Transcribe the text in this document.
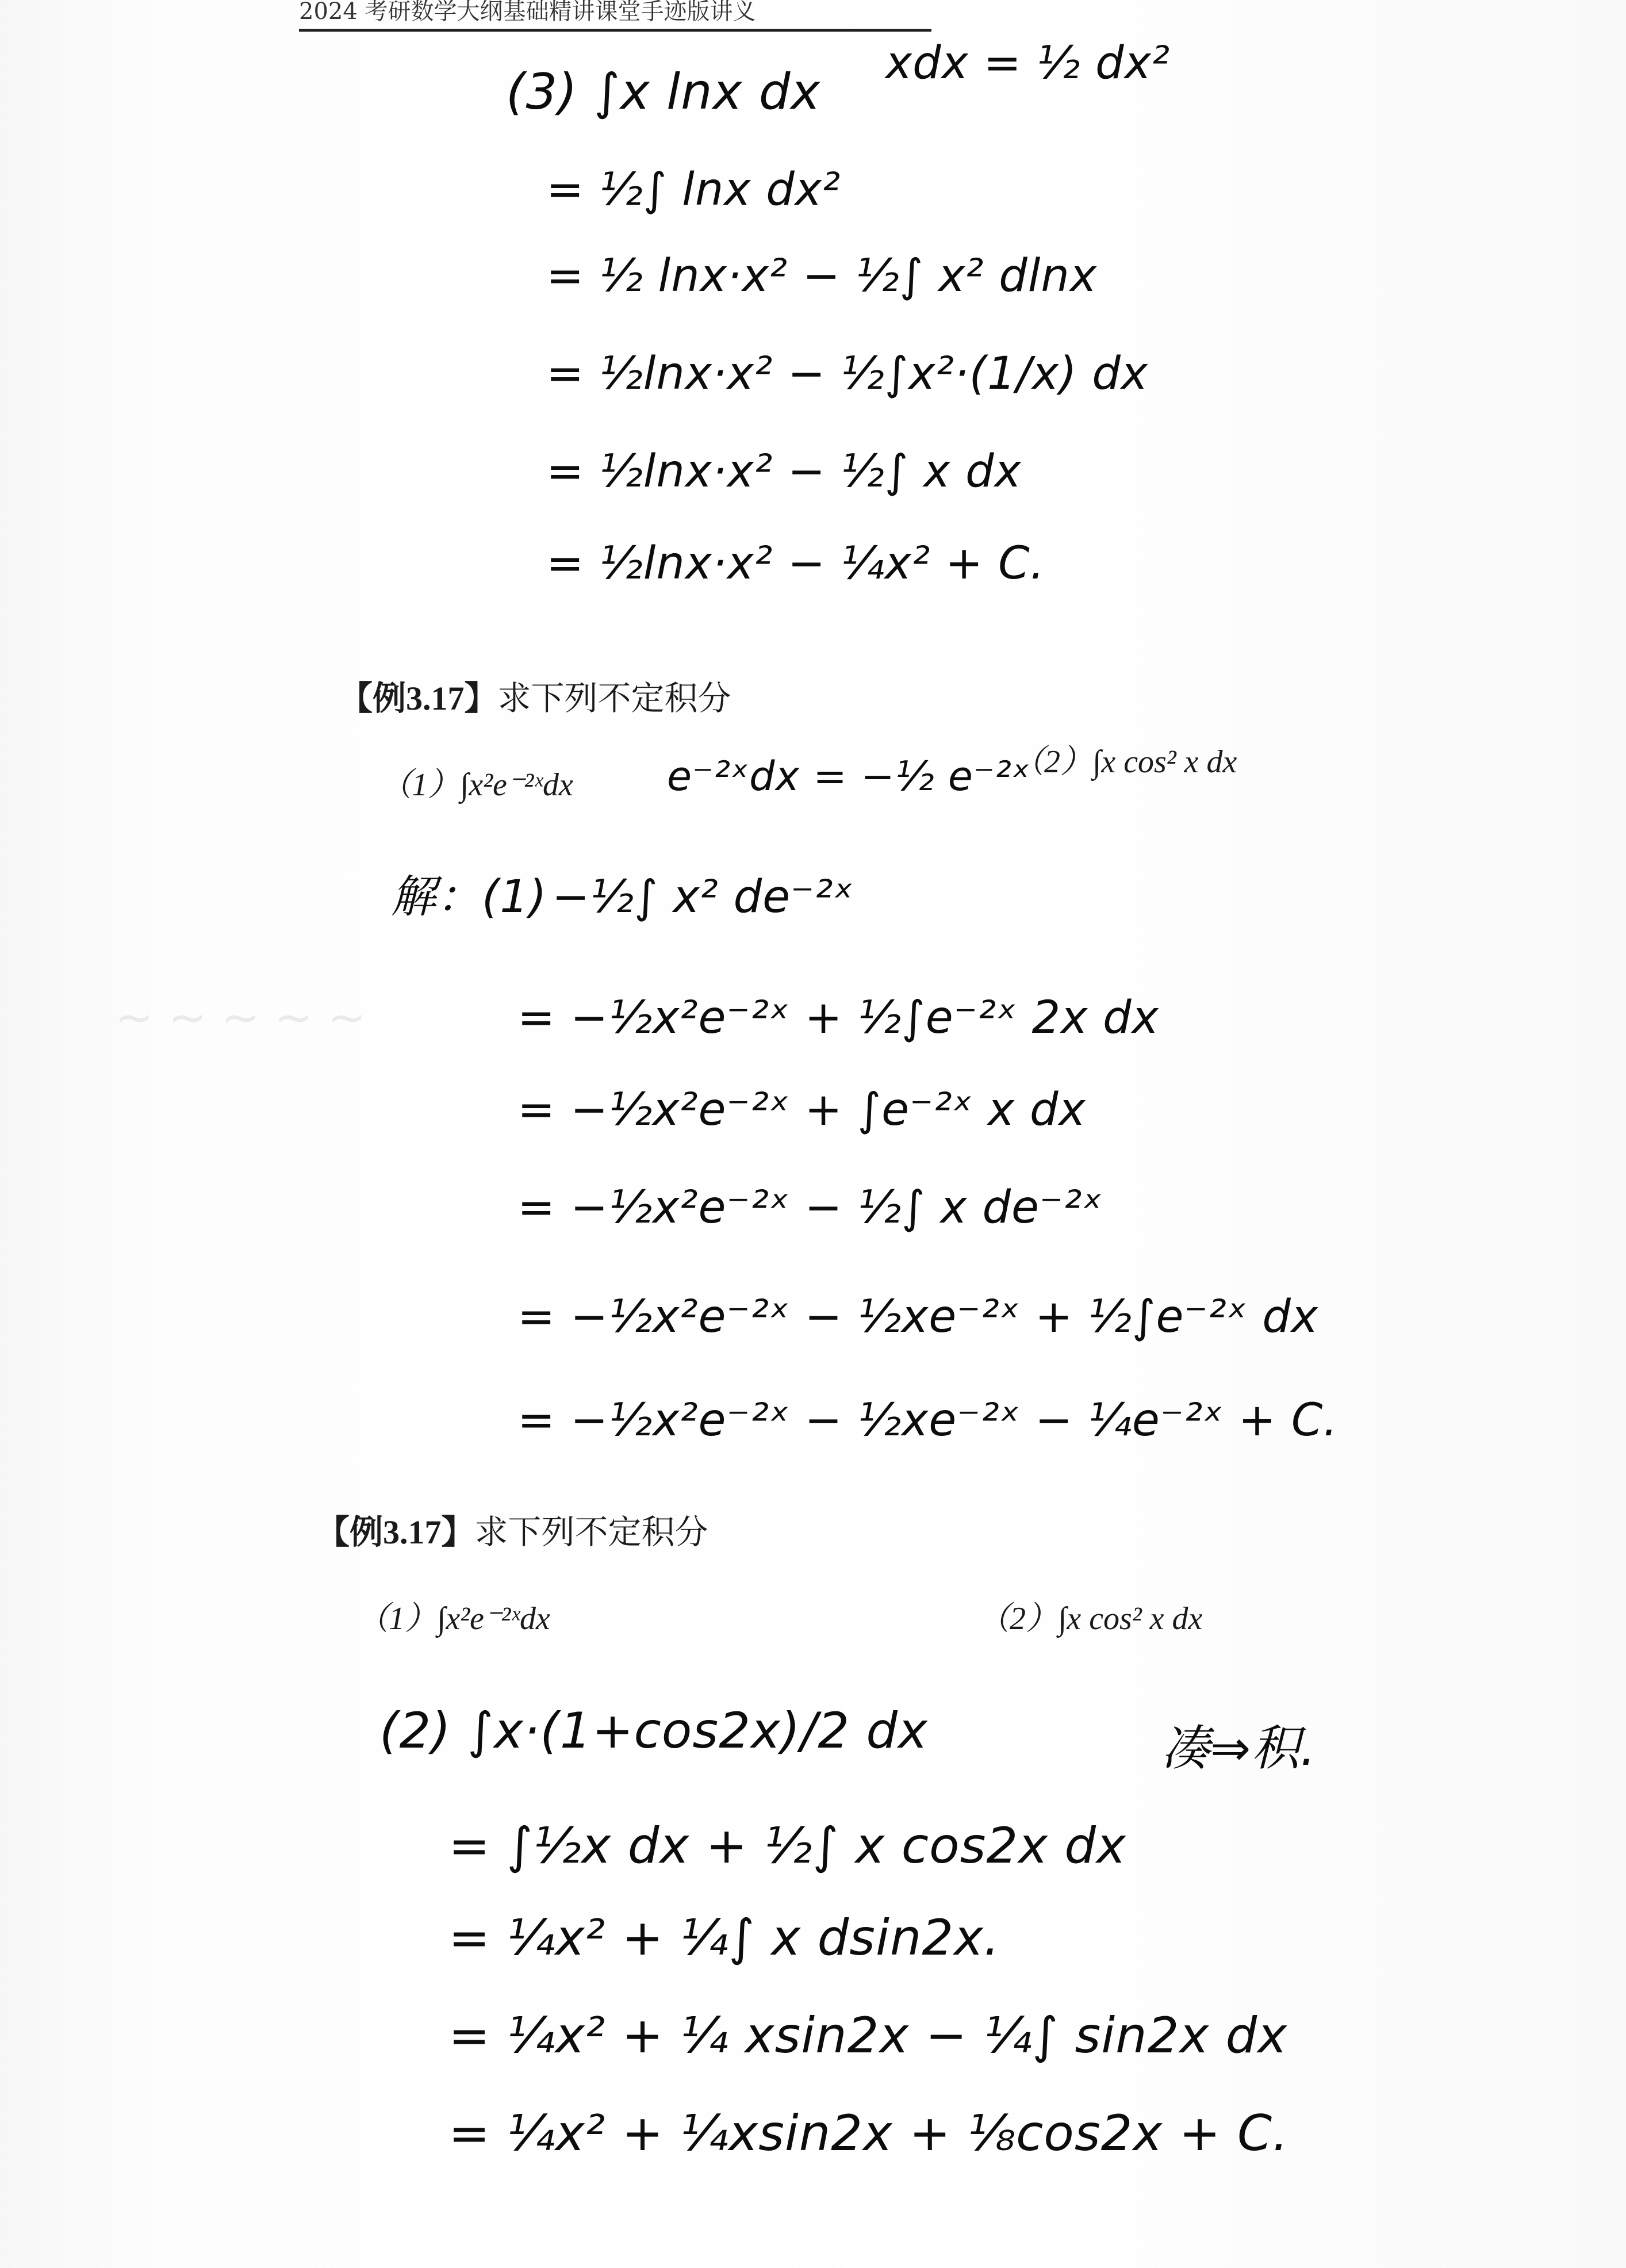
2024 考研数学大纲基础精讲课堂手迹版讲义
(3) ∫x lnx dx xdx = ½ dx²
= ½∫ lnx dx²
= ½ lnx·x² − ½∫ x² dlnx
= ½lnx·x² − ½∫x²·(1/x) dx
= ½lnx·x² − ½∫ x dx
= ½lnx·x² − ¼x² + C.
【例3.17】求下列不定积分
（1）∫x²e⁻²ˣdx e⁻²ˣdx = −½ e⁻²ˣ
（2）∫x cos² x dx
解：(1) −½∫ x² de⁻²ˣ
~ ~ ~ ~ ~	= −½x²e⁻²ˣ + ½∫e⁻²ˣ 2x dx
= −½x²e⁻²ˣ + ∫e⁻²ˣ x dx
= −½x²e⁻²ˣ − ½∫ x de⁻²ˣ
= −½x²e⁻²ˣ − ½xe⁻²ˣ + ½∫e⁻²ˣ dx
= −½x²e⁻²ˣ − ½xe⁻²ˣ − ¼e⁻²ˣ + C.
【例3.17】求下列不定积分
（1）∫x²e⁻²ˣdx	（2）∫x cos² x dx
(2) ∫x·(1+cos2x)/2 dx	凑⇒积.
= ∫½x dx + ½∫ x cos2x dx
= ¼x² + ¼∫ x dsin2x.
= ¼x² + ¼ xsin2x − ¼∫ sin2x dx
= ¼x² + ¼xsin2x + ⅛cos2x + C.
